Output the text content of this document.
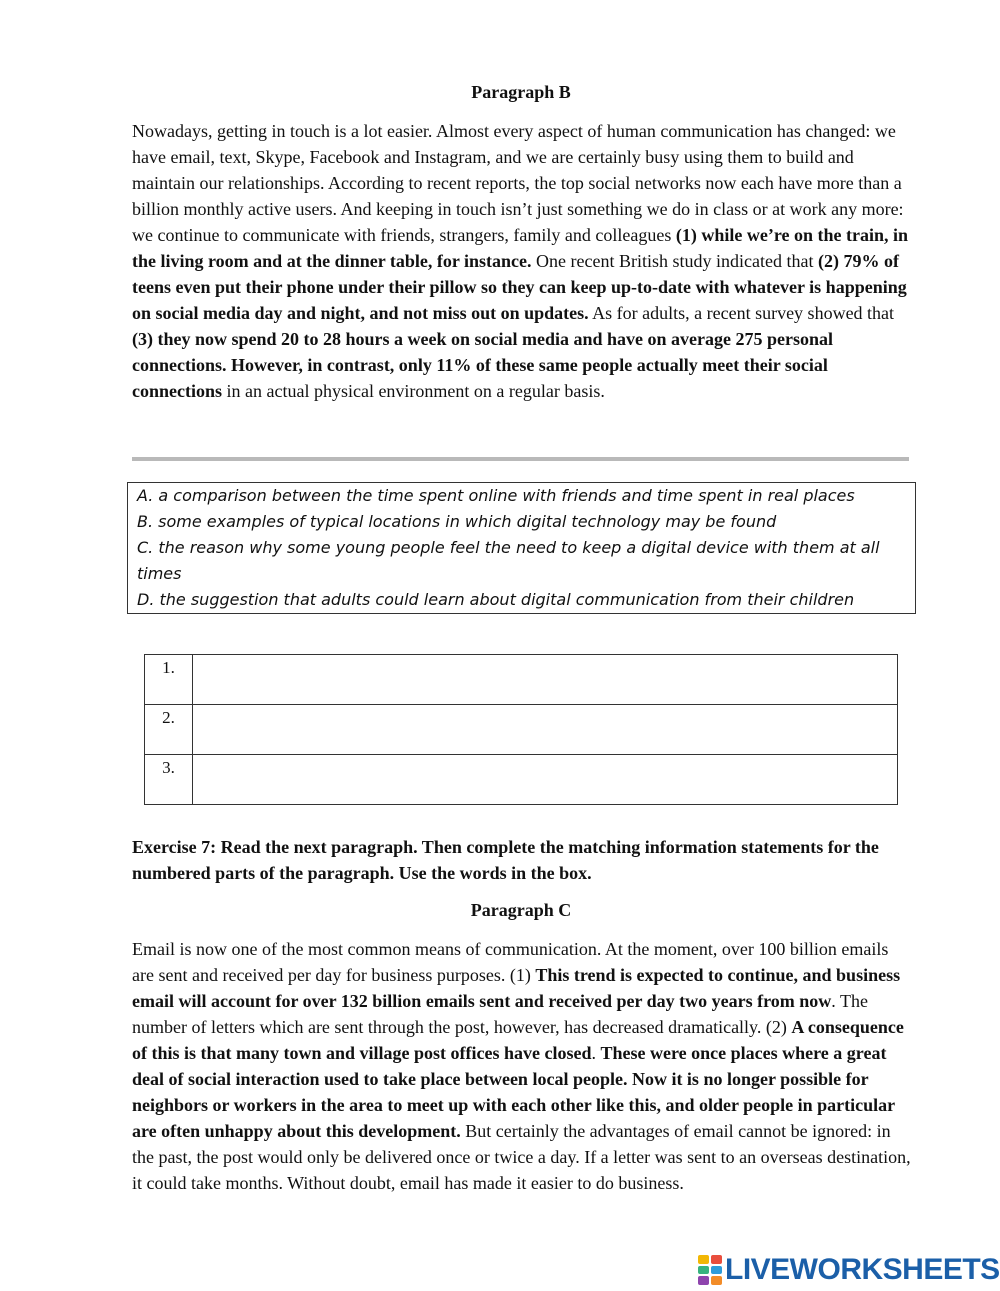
Paragraph B
Nowadays, getting in touch is a lot easier. Almost every aspect of human communication has changed: we have email, text, Skype, Facebook and Instagram, and we are certainly busy using them to build and maintain our relationships. According to recent reports, the top social networks now each have more than a billion monthly active users. And keeping in touch isn’t just something we do in class or at work any more: we continue to communicate with friends, strangers, family and colleagues (1) while we’re on the train, in the living room and at the dinner table, for instance. One recent British study indicated that (2) 79% of teens even put their phone under their pillow so they can keep up-to-date with whatever is happening on social media day and night, and not miss out on updates. As for adults, a recent survey showed that (3) they now spend 20 to 28 hours a week on social media and have on average 275 personal connections. However, in contrast, only 11% of these same people actually meet their social connections in an actual physical environment on a regular basis.
A. a comparison between the time spent online with friends and time spent in real places
B. some examples of typical locations in which digital technology may be found
C. the reason why some young people feel the need to keep a digital device with them at all times
D. the suggestion that adults could learn about digital communication from their children
1.	
2.	
3.	
Exercise 7: Read the next paragraph. Then complete the matching information statements for the numbered parts of the paragraph. Use the words in the box.
Paragraph C
Email is now one of the most common means of communication. At the moment, over 100 billion emails are sent and received per day for business purposes. (1) This trend is expected to continue, and business email will account for over 132 billion emails sent and received per day two years from now. The number of letters which are sent through the post, however, has decreased dramatically. (2) A consequence of this is that many town and village post offices have closed. These were once places where a great deal of social interaction used to take place between local people. Now it is no longer possible for neighbors or workers in the area to meet up with each other like this, and older people in particular are often unhappy about this development. But certainly the advantages of email cannot be ignored: in the past, the post would only be delivered once or twice a day. If a letter was sent to an overseas destination, it could take months. Without doubt, email has made it easier to do business.
LIVEWORKSHEETS
